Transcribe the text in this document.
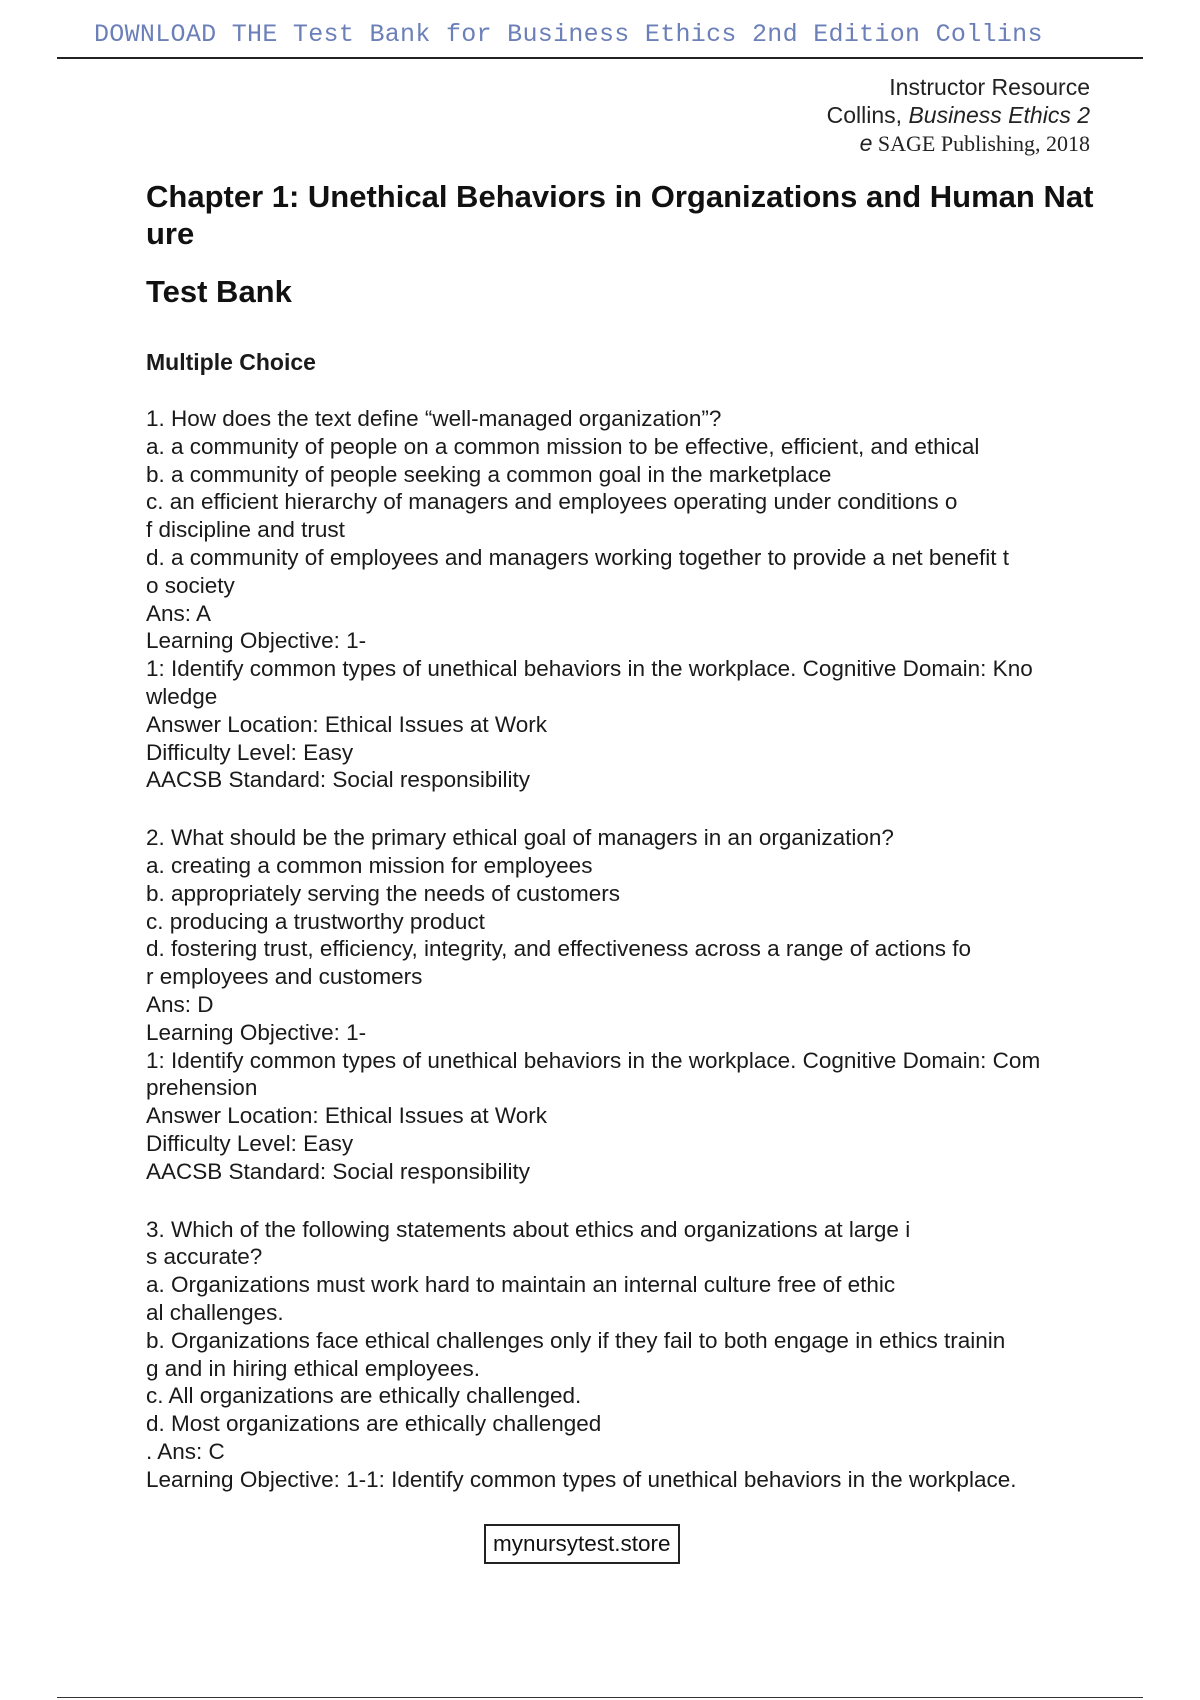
DOWNLOAD THE Test Bank for Business Ethics 2nd Edition Collins
Instructor Resource
Collins, Business Ethics 2
e SAGE Publishing, 2018
Chapter 1: Unethical Behaviors in Organizations and Human Nat
ure
Test Bank
Multiple Choice
1. How does the text define “well-managed organization”?
a. a community of people on a common mission to be effective, efficient, and ethical
b. a community of people seeking a common goal in the marketplace
c. an efficient hierarchy of managers and employees operating under conditions o
f discipline and trust
d. a community of employees and managers working together to provide a net benefit t
o society
Ans: A
Learning Objective: 1-
1: Identify common types of unethical behaviors in the workplace. Cognitive Domain: Kno
wledge
Answer Location: Ethical Issues at Work
Difficulty Level: Easy
AACSB Standard: Social responsibility
2. What should be the primary ethical goal of managers in an organization?
a. creating a common mission for employees
b. appropriately serving the needs of customers
c. producing a trustworthy product
d. fostering trust, efficiency, integrity, and effectiveness across a range of actions fo
r employees and customers
Ans: D
Learning Objective: 1-
1: Identify common types of unethical behaviors in the workplace. Cognitive Domain: Com
prehension
Answer Location: Ethical Issues at Work
Difficulty Level: Easy
AACSB Standard: Social responsibility
3. Which of the following statements about ethics and organizations at large i
s accurate?
a. Organizations must work hard to maintain an internal culture free of ethic
al challenges.
b. Organizations face ethical challenges only if they fail to both engage in ethics trainin
g and in hiring ethical employees.
c. All organizations are ethically challenged.
d. Most organizations are ethically challenged
. Ans: C
Learning Objective: 1-1: Identify common types of unethical behaviors in the workplace.
mynursytest.store
